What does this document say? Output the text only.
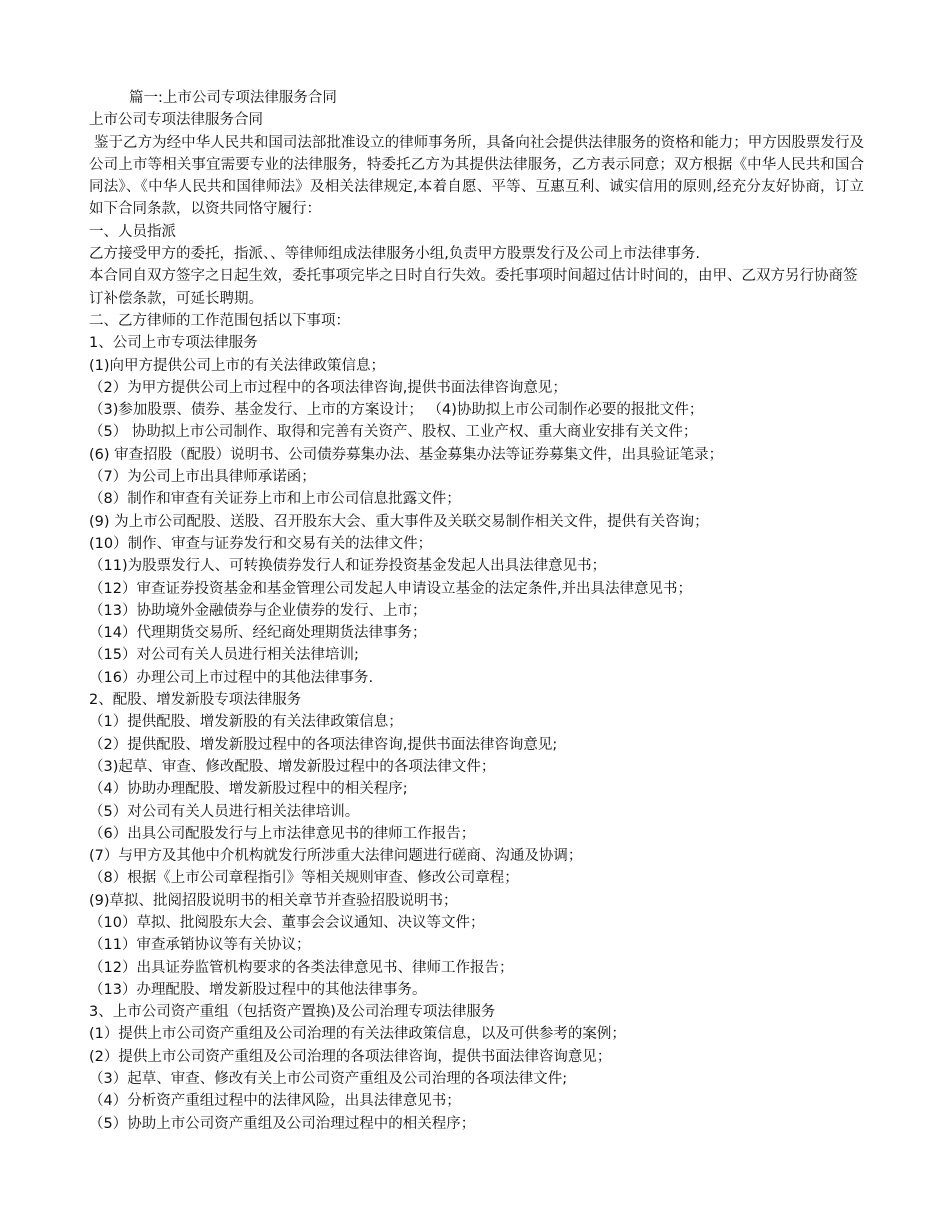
篇一:上市公司专项法律服务合同

上市公司专项法律服务合同

鉴于乙方为经中华人民共和国司法部批准设立的律师事务所，具备向社会提供法律服务的资格和能力；甲方因股票发行及公司上市等相关事宜需要专业的法律服务，特委托乙方为其提供法律服务，乙方表示同意；双方根据《中华人民共和国合同法》、《中华人民共和国律师法》及相关法律规定,本着自愿、平等、互惠互利、诚实信用的原则,经充分友好协商，订立如下合同条款，以资共同恪守履行：

一、人员指派

乙方接受甲方的委托，指派、、等律师组成法律服务小组,负责甲方股票发行及公司上市法律事务.

本合同自双方签字之日起生效，委托事项完毕之日时自行失效。委托事项时间超过估计时间的，由甲、乙双方另行协商签订补偿条款，可延长聘期。

二、乙方律师的工作范围包括以下事项：

1、公司上市专项法律服务

(1)向甲方提供公司上市的有关法律政策信息；

（2）为甲方提供公司上市过程中的各项法律咨询,提供书面法律咨询意见；

（3)参加股票、债券、基金发行、上市的方案设计； （4)协助拟上市公司制作必要的报批文件；

（5） 协助拟上市公司制作、取得和完善有关资产、股权、工业产权、重大商业安排有关文件；

(6) 审查招股（配股）说明书、公司债券募集办法、基金募集办法等证券募集文件，出具验证笔录；

（7）为公司上市出具律师承诺函；

（8）制作和审查有关证券上市和上市公司信息批露文件；

(9) 为上市公司配股、送股、召开股东大会、重大事件及关联交易制作相关文件，提供有关咨询；

(10）制作、审查与证券发行和交易有关的法律文件；

（11)为股票发行人、可转换债券发行人和证券投资基金发起人出具法律意见书；

（12）审查证券投资基金和基金管理公司发起人申请设立基金的法定条件,并出具法律意见书；

（13）协助境外金融债券与企业债券的发行、上市；

（14）代理期货交易所、经纪商处理期货法律事务；

（15）对公司有关人员进行相关法律培训;

（16）办理公司上市过程中的其他法律事务.

2、配股、增发新股专项法律服务

（1）提供配股、增发新股的有关法律政策信息；

（2）提供配股、增发新股过程中的各项法律咨询,提供书面法律咨询意见;

（3)起草、审查、修改配股、增发新股过程中的各项法律文件；

（4）协助办理配股、增发新股过程中的相关程序;

（5）对公司有关人员进行相关法律培训。

（6）出具公司配股发行与上市法律意见书的律师工作报告；

(7）与甲方及其他中介机构就发行所涉重大法律问题进行磋商、沟通及协调；

（8）根据《上市公司章程指引》等相关规则审查、修改公司章程；

(9)草拟、批阅招股说明书的相关章节并查验招股说明书；

（10）草拟、批阅股东大会、董事会会议通知、决议等文件；

（11）审查承销协议等有关协议；

（12）出具证券监管机构要求的各类法律意见书、律师工作报告；

（13）办理配股、增发新股过程中的其他法律事务。

3、上市公司资产重组（包括资产置换)及公司治理专项法律服务

(1）提供上市公司资产重组及公司治理的有关法律政策信息，以及可供参考的案例；

(2）提供上市公司资产重组及公司治理的各项法律咨询，提供书面法律咨询意见；

（3）起草、审查、修改有关上市公司资产重组及公司治理的各项法律文件;

（4）分析资产重组过程中的法律风险，出具法律意见书；

（5）协助上市公司资产重组及公司治理过程中的相关程序；
